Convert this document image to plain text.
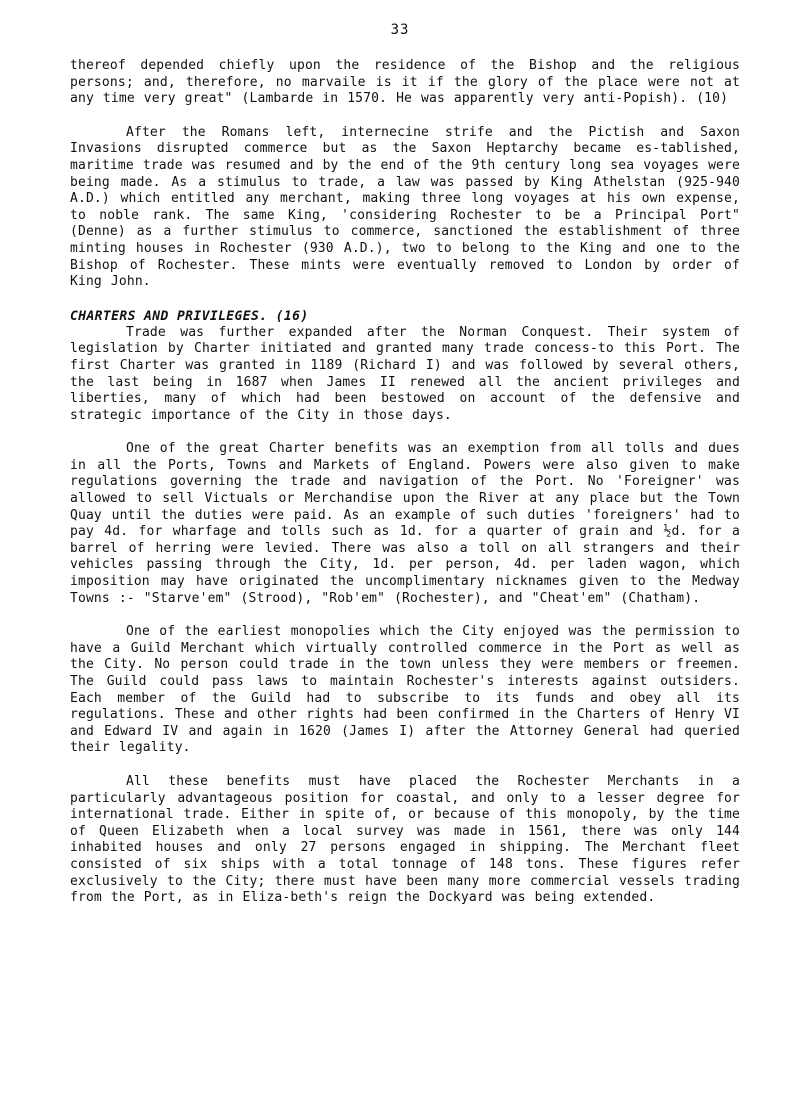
33

thereof depended chiefly upon the residence of the Bishop and the religious persons; and, therefore, no marvaile is it if the glory of the place were not at any time very great" (Lambarde in 1570. He was apparently very anti-Popish). (10)

After the Romans left, internecine strife and the Pictish and Saxon Invasions disrupted commerce but as the Saxon Heptarchy became es-tablished, maritime trade was resumed and by the end of the 9th century long sea voyages were being made. As a stimulus to trade, a law was passed by King Athelstan (925-940 A.D.) which entitled any merchant, making three long voyages at his own expense, to noble rank. The same King, 'considering Rochester to be a Principal Port" (Denne) as a further stimulus to commerce, sanctioned the establishment of three minting houses in Rochester (930 A.D.), two to belong to the King and one to the Bishop of Rochester. These mints were eventually removed to London by order of King John.

CHARTERS AND PRIVILEGES. (16)

Trade was further expanded after the Norman Conquest. Their system of legislation by Charter initiated and granted many trade concess-to this Port. The first Charter was granted in 1189 (Richard I) and was followed by several others, the last being in 1687 when James II renewed all the ancient privileges and liberties, many of which had been bestowed on account of the defensive and strategic importance of the City in those days.

One of the great Charter benefits was an exemption from all tolls and dues in all the Ports, Towns and Markets of England. Powers were also given to make regulations governing the trade and navigation of the Port. No 'Foreigner' was allowed to sell Victuals or Merchandise upon the River at any place but the Town Quay until the duties were paid. As an example of such duties 'foreigners' had to pay 4d. for wharfage and tolls such as 1d. for a quarter of grain and ½d. for a barrel of herring were levied. There was also a toll on all strangers and their vehicles passing through the City, 1d. per person, 4d. per laden wagon, which imposition may have originated the uncomplimentary nicknames given to the Medway Towns :- "Starve'em" (Strood), "Rob'em" (Rochester), and "Cheat'em" (Chatham).

One of the earliest monopolies which the City enjoyed was the permission to have a Guild Merchant which virtually controlled commerce in the Port as well as the City. No person could trade in the town unless they were members or freemen. The Guild could pass laws to maintain Rochester's interests against outsiders. Each member of the Guild had to subscribe to its funds and obey all its regulations. These and other rights had been confirmed in the Charters of Henry VI and Edward IV and again in 1620 (James I) after the Attorney General had queried their legality.

All these benefits must have placed the Rochester Merchants in a particularly advantageous position for coastal, and only to a lesser degree for international trade. Either in spite of, or because of this monopoly, by the time of Queen Elizabeth when a local survey was made in 1561, there was only 144 inhabited houses and only 27 persons engaged in shipping. The Merchant fleet consisted of six ships with a total tonnage of 148 tons. These figures refer exclusively to the City; there must have been many more commercial vessels trading from the Port, as in Eliza-beth's reign the Dockyard was being extended.
